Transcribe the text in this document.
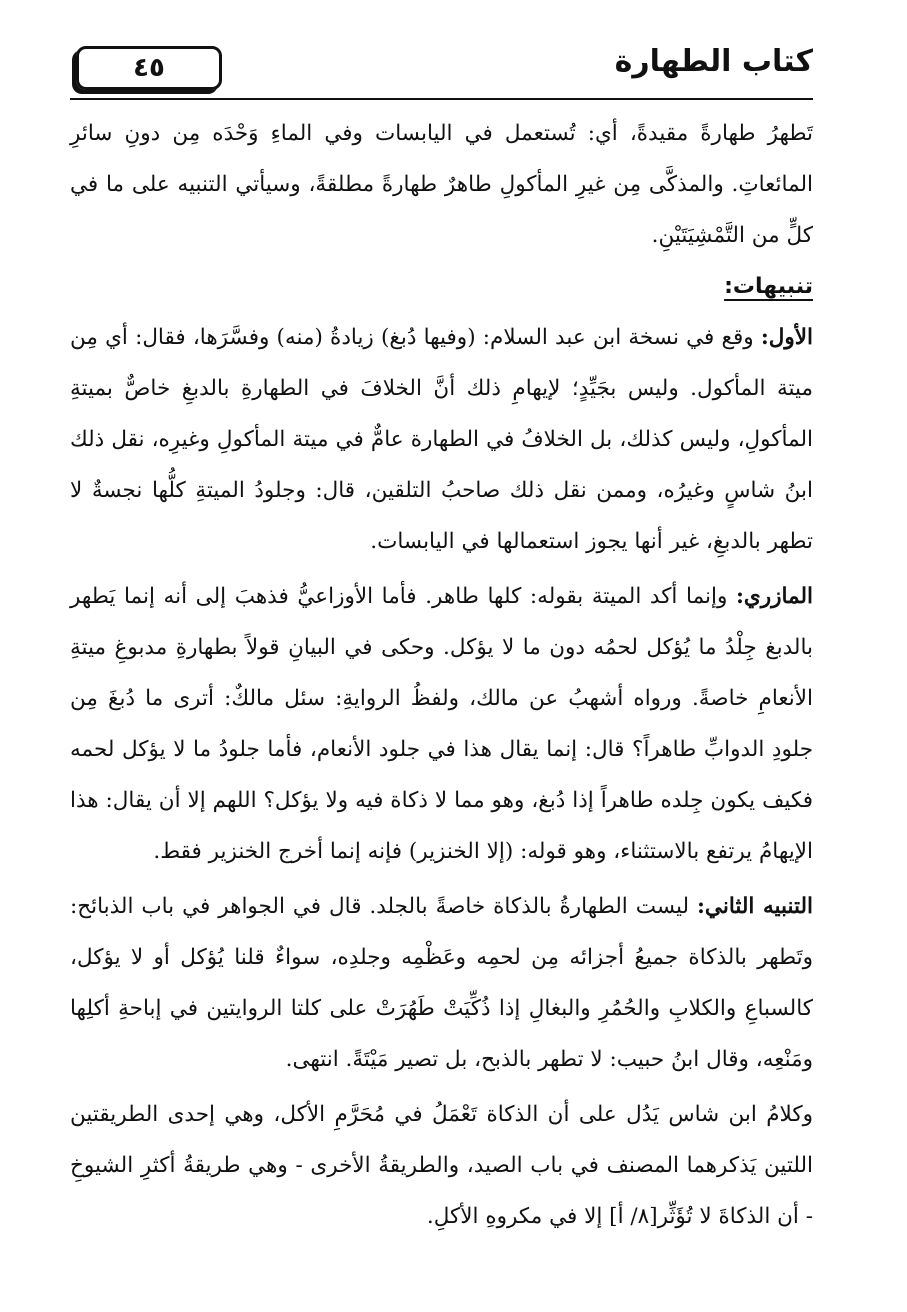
كتاب الطهارة
٤٥

تَطهرُ طهارةً مقيدةً، أي: تُستعمل في اليابسات وفي الماءِ وَحْدَه مِن دونِ سائرِ المائعاتِ. والمذكَّى مِن غيرِ المأكولِ طاهرٌ طهارةً مطلقةً، وسيأتي التنبيه على ما في كلٍّ من التَّمْشِيَتَيْنِ.

تنبيهات:

الأول: وقع في نسخة ابن عبد السلام: (وفيها دُبغ) زيادةُ (منه) وفسَّرَها، فقال: أي مِن ميتة المأكول. وليس بجَيِّدٍ؛ لإيهامِ ذلك أنَّ الخلافَ في الطهارةِ بالدبغِ خاصٌّ بميتةِ المأكولِ، وليس كذلك، بل الخلافُ في الطهارة عامٌّ في ميتة المأكولِ وغيرِه، نقل ذلك ابنُ شاسٍ وغيرُه، وممن نقل ذلك صاحبُ التلقين، قال: وجلودُ الميتةِ كلُّها نجسةٌ لا تطهر بالدبغِ، غير أنها يجوز استعمالها في اليابسات.

المازري: وإنما أكد الميتة بقوله: كلها طاهر. فأما الأوزاعيُّ فذهبَ إلى أنه إنما يَطهر بالدبغ جِلْدُ ما يُؤكل لحمُه دون ما لا يؤكل. وحكى في البيانِ قولاً بطهارةِ مدبوغِ ميتةِ الأنعامِ خاصةً. ورواه أشهبُ عن مالك، ولفظُ الروايةِ: سئل مالكٌ: أترى ما دُبغَ مِن جلودِ الدوابِّ طاهراً؟ قال: إنما يقال هذا في جلود الأنعام، فأما جلودُ ما لا يؤكل لحمه فكيف يكون جِلده طاهراً إذا دُبغ، وهو مما لا ذكاة فيه ولا يؤكل؟ اللهم إلا أن يقال: هذا الإيهامُ يرتفع بالاستثناء، وهو قوله: (إلا الخنزير) فإنه إنما أخرج الخنزير فقط.

التنبيه الثاني: ليست الطهارةُ بالذكاة خاصةً بالجلد. قال في الجواهر في باب الذبائح: وتَطهر بالذكاة جميعُ أجزائه مِن لحمِه وعَظْمِه وجلدِه، سواءٌ قلنا يُؤكل أو لا يؤكل، كالسباعِ والكلابِ والحُمُرِ والبغالِ إذا ذُكِّيَتْ طَهُرَتْ على كلتا الروايتين في إباحةِ أكلِها ومَنْعِه، وقال ابنُ حبيب: لا تطهر بالذبح، بل تصير مَيْتَةً. انتهى.

وكلامُ ابن شاس يَدُل على أن الذكاة تَعْمَلُ في مُحَرَّمِ الأكل، وهي إحدى الطريقتين اللتين يَذكرهما المصنف في باب الصيد، والطريقةُ الأخرى - وهي طريقةُ أكثرِ الشيوخِ - أن الذكاةَ لا تُؤَثِّر[٨/ أ] إلا في مكروهِ الأكلِ.
